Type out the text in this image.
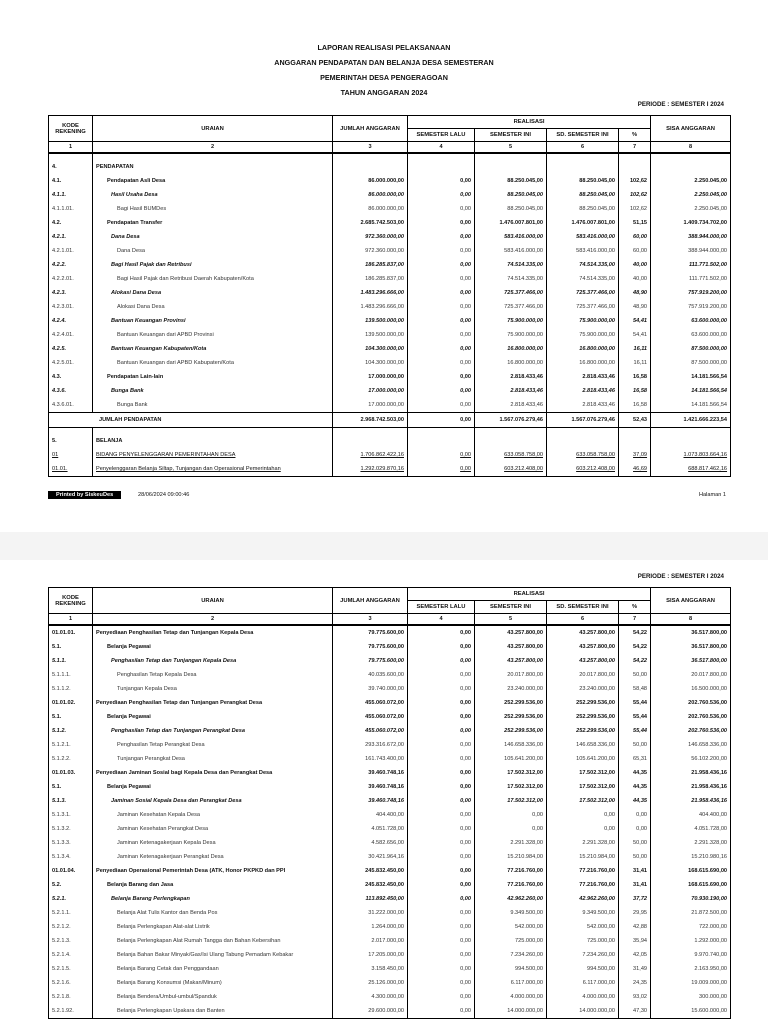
LAPORAN REALISASI PELAKSANAAN
ANGGARAN PENDAPATAN DAN BELANJA DESA SEMESTERAN
PEMERINTAH DESA PENGERAGOAN
TAHUN ANGGARAN 2024
PERIODE : SEMESTER I 2024
KODE REKENING	URAIAN	JUMLAH ANGGARAN	REALISASI				SISA ANGGARAN
			SEMESTER LALU	SEMESTER INI	SD. SEMESTER INI	%	
1	2	3	4	5	6	7	8

4.	PENDAPATAN						
4.1.	Pendapatan Asli Desa	86.000.000,00	0,00	88.250.045,00	88.250.045,00	102,62	2.250.045,00
4.1.1.	Hasil Usaha Desa	86.000.000,00	0,00	88.250.045,00	88.250.045,00	102,62	2.250.045,00
4.1.1.01.	Bagi Hasil BUMDes	86.000.000,00	0,00	88.250.045,00	88.250.045,00	102,62	2.250.045,00
4.2.	Pendapatan Transfer	2.685.742.503,00	0,00	1.476.007.801,00	1.476.007.801,00	51,15	1.409.734.702,00
4.2.1.	Dana Desa	972.360.000,00	0,00	583.416.000,00	583.416.000,00	60,00	388.944.000,00
4.2.1.01.	Dana Desa	972.360.000,00	0,00	583.416.000,00	583.416.000,00	60,00	388.944.000,00
4.2.2.	Bagi Hasil Pajak dan Retribusi	186.285.837,00	0,00	74.514.335,00	74.514.335,00	40,00	111.771.502,00
4.2.2.01.	Bagi Hasil Pajak dan Retribusi Daerah Kabupaten/Kota	186.285.837,00	0,00	74.514.335,00	74.514.335,00	40,00	111.771.502,00
4.2.3.	Alokasi Dana Desa	1.483.296.666,00	0,00	725.377.466,00	725.377.466,00	48,90	757.919.200,00
4.2.3.01.	Alokasi Dana Desa	1.483.296.666,00	0,00	725.377.466,00	725.377.466,00	48,90	757.919.200,00
4.2.4.	Bantuan Keuangan Provinsi	139.500.000,00	0,00	75.900.000,00	75.900.000,00	54,41	63.600.000,00
4.2.4.01.	Bantuan Keuangan dari APBD Provinsi	139.500.000,00	0,00	75.900.000,00	75.900.000,00	54,41	63.600.000,00
4.2.5.	Bantuan Keuangan Kabupaten/Kota	104.300.000,00	0,00	16.800.000,00	16.800.000,00	16,11	87.500.000,00
4.2.5.01.	Bantuan Keuangan dari APBD Kabupaten/Kota	104.300.000,00	0,00	16.800.000,00	16.800.000,00	16,11	87.500.000,00
4.3.	Pendapatan Lain-lain	17.000.000,00	0,00	2.818.433,46	2.818.433,46	16,58	14.181.566,54
4.3.6.	Bunga Bank	17.000.000,00	0,00	2.818.433,46	2.818.433,46	16,58	14.181.566,54
4.3.6.01.	Bunga Bank	17.000.000,00	0,00	2.818.433,46	2.818.433,46	16,58	14.181.566,54
JUMLAH PENDAPATAN		2.968.742.503,00	0,00	1.567.076.279,46	1.567.076.279,46	52,43	1.421.666.223,54

5.	BELANJA						
01	BIDANG PENYELENGGARAN PEMERINTAHAN DESA	1.706.862.422,16	0,00	633.058.758,00	633.058.758,00	37,09	1.073.803.664,16
01.01.	Penyelenggaran Belanja Siltap, Tunjangan dan Operasional Pemerintahan	1.292.029.870,16	0,00	603.212.408,00	603.212.408,00	46,69	688.817.462,16
Printed by SiskeuDes	28/06/2024 09:00:46	Halaman 1
PERIODE : SEMESTER I 2024
KODE REKENING	URAIAN	JUMLAH ANGGARAN	REALISASI				SISA ANGGARAN
			SEMESTER LALU	SEMESTER INI	SD. SEMESTER INI	%	
1	2	3	4	5	6	7	8
01.01.01.	Penyediaan Penghasilan Tetap dan Tunjangan Kepala Desa	79.775.600,00	0,00	43.257.800,00	43.257.800,00	54,22	36.517.800,00
5.1.	Belanja Pegawai	79.775.600,00	0,00	43.257.800,00	43.257.800,00	54,22	36.517.800,00
5.1.1.	Penghasilan Tetap dan Tunjangan Kepala Desa	79.775.600,00	0,00	43.257.800,00	43.257.800,00	54,22	36.517.800,00
5.1.1.1.	Penghasilan Tetap Kepala Desa	40.035.600,00	0,00	20.017.800,00	20.017.800,00	50,00	20.017.800,00
5.1.1.2.	Tunjangan Kepala Desa	39.740.000,00	0,00	23.240.000,00	23.240.000,00	58,48	16.500.000,00
01.01.02.	Penyediaan Penghasilan Tetap dan Tunjangan Perangkat Desa	455.060.072,00	0,00	252.299.536,00	252.299.536,00	55,44	202.760.536,00
5.1.	Belanja Pegawai	455.060.072,00	0,00	252.299.536,00	252.299.536,00	55,44	202.760.536,00
5.1.2.	Penghasilan Tetap dan Tunjangan Perangkat Desa	455.060.072,00	0,00	252.299.536,00	252.299.536,00	55,44	202.760.536,00
5.1.2.1.	Penghasilan Tetap Perangkat Desa	293.316.672,00	0,00	146.658.336,00	146.658.336,00	50,00	146.658.336,00
5.1.2.2.	Tunjangan Perangkat Desa	161.743.400,00	0,00	105.641.200,00	105.641.200,00	65,31	56.102.200,00
01.01.03.	Penyediaan Jaminan Sosial bagi Kepala Desa dan Perangkat Desa	39.460.748,16	0,00	17.502.312,00	17.502.312,00	44,35	21.958.436,16
5.1.	Belanja Pegawai	39.460.748,16	0,00	17.502.312,00	17.502.312,00	44,35	21.958.436,16
5.1.3.	Jaminan Sosial Kepala Desa dan Perangkat Desa	39.460.748,16	0,00	17.502.312,00	17.502.312,00	44,35	21.958.436,16
5.1.3.1.	Jaminan Kesehatan Kepala Desa	404.400,00	0,00	0,00	0,00	0,00	404.400,00
5.1.3.2.	Jaminan Kesehatan Perangkat Desa	4.051.728,00	0,00	0,00	0,00	0,00	4.051.728,00
5.1.3.3.	Jaminan Ketenagakerjaan Kepala Desa	4.582.656,00	0,00	2.291.328,00	2.291.328,00	50,00	2.291.328,00
5.1.3.4.	Jaminan Ketenagakerjaan Perangkat Desa	30.421.964,16	0,00	15.210.984,00	15.210.984,00	50,00	15.210.980,16
01.01.04.	Penyediaan Operasional Pemerintah Desa (ATK, Honor PKPKD dan PPI	245.832.450,00	0,00	77.216.760,00	77.216.760,00	31,41	168.615.690,00
5.2.	Belanja Barang dan Jasa	245.832.450,00	0,00	77.216.760,00	77.216.760,00	31,41	168.615.690,00
5.2.1.	Belanja Barang Perlengkapan	113.892.450,00	0,00	42.962.260,00	42.962.260,00	37,72	70.930.190,00
5.2.1.1.	Belanja Alat Tulis Kantor dan Benda Pos	31.222.000,00	0,00	9.349.500,00	9.349.500,00	29,95	21.872.500,00
5.2.1.2.	Belanja Perlengkapan Alat-alat Listrik	1.264.000,00	0,00	542.000,00	542.000,00	42,88	722.000,00
5.2.1.3.	Belanja Perlengkapan Alat Rumah Tangga dan Bahan Kebersihan	2.017.000,00	0,00	725.000,00	725.000,00	35,94	1.292.000,00
5.2.1.4.	Belanja Bahan Bakar Minyak/Gas/Isi Ulang Tabung Pemadam Kebakar	17.205.000,00	0,00	7.234.260,00	7.234.260,00	42,05	9.970.740,00
5.2.1.5.	Belanja Barang Cetak dan Penggandaan	3.158.450,00	0,00	994.500,00	994.500,00	31,49	2.163.950,00
5.2.1.6.	Belanja Barang Konsumsi (Makan/Minum)	25.126.000,00	0,00	6.117.000,00	6.117.000,00	24,35	19.009.000,00
5.2.1.8.	Belanja Bendera/Umbul-umbul/Spanduk	4.300.000,00	0,00	4.000.000,00	4.000.000,00	93,02	300.000,00
5.2.1.92.	Belanja Perlengkapan Upakara dan Banten	29.600.000,00	0,00	14.000.000,00	14.000.000,00	47,30	15.600.000,00
